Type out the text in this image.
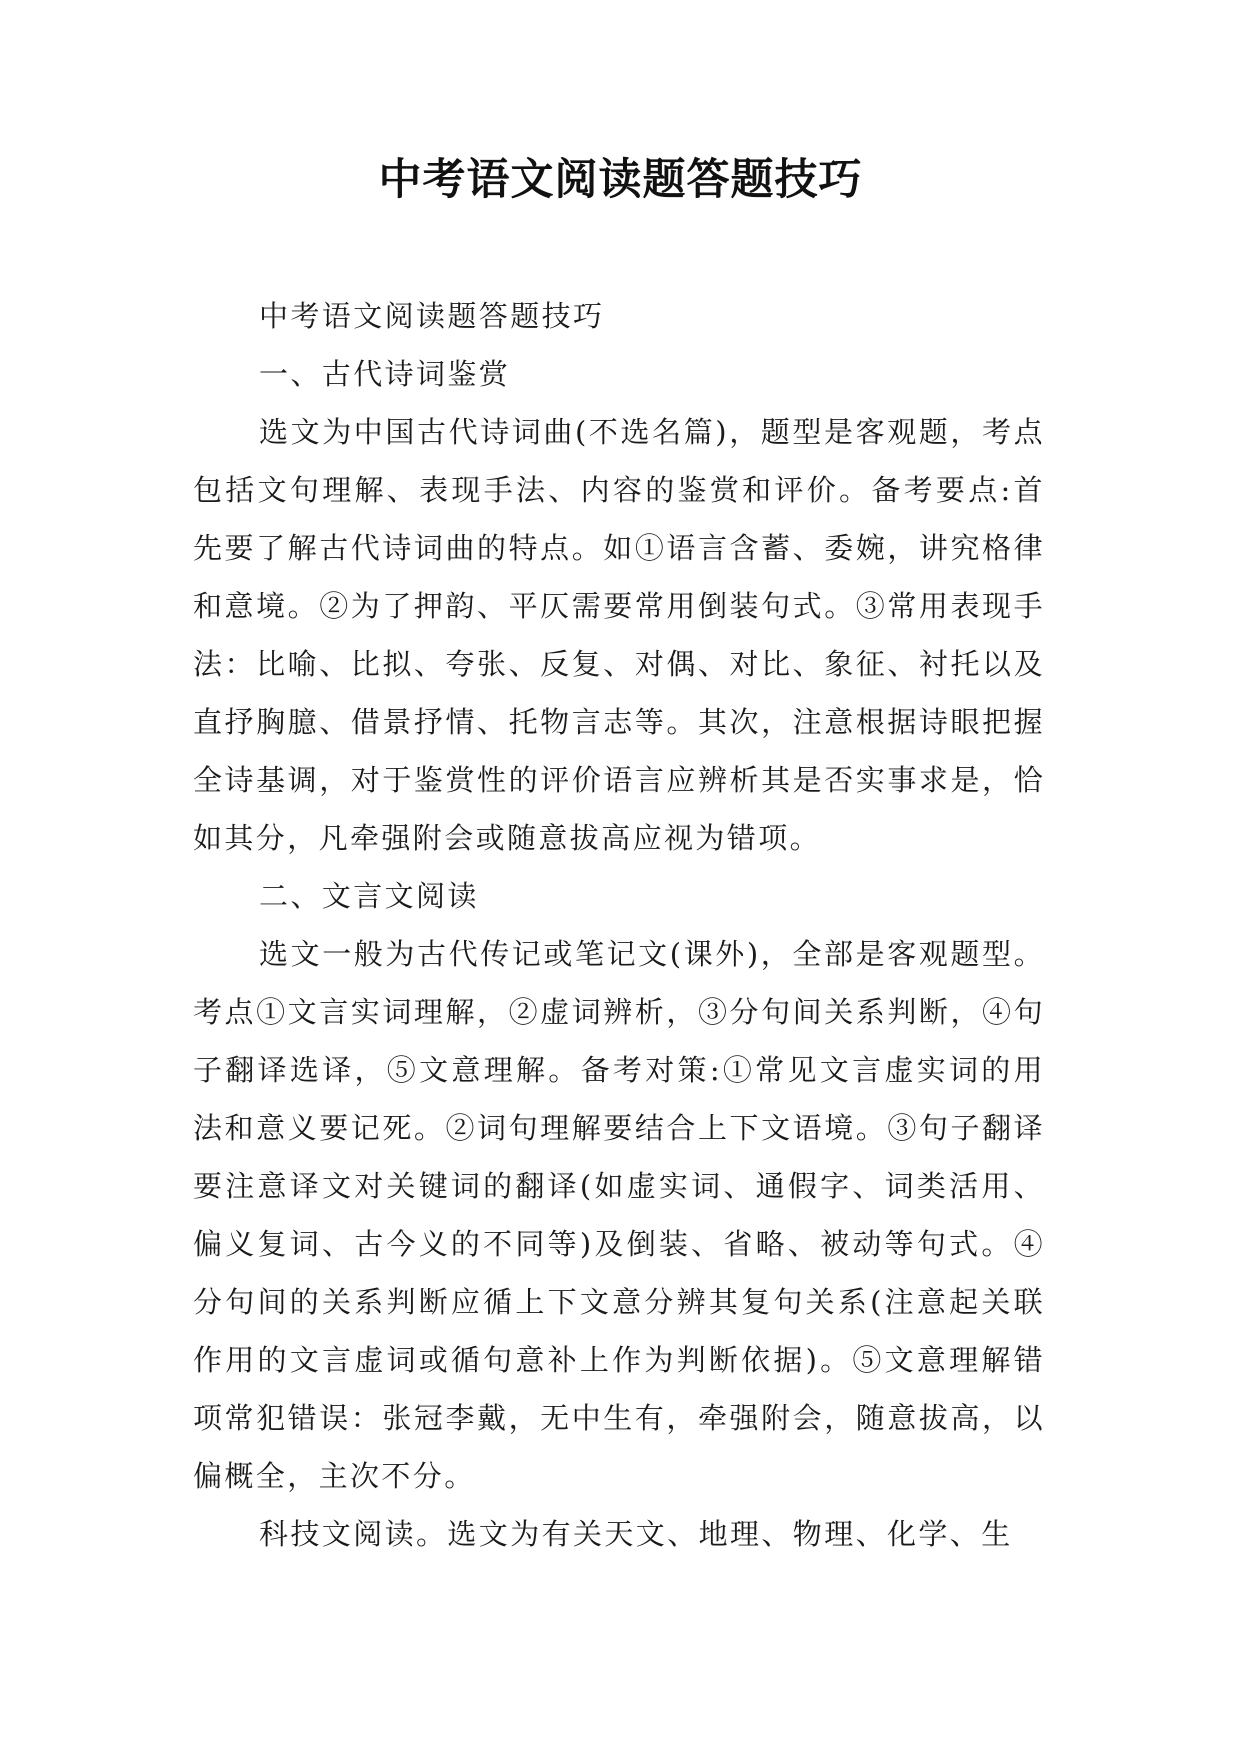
中考语文阅读题答题技巧

中考语文阅读题答题技巧

一、古代诗词鉴赏

选文为中国古代诗词曲(不选名篇)，题型是客观题，考点包括文句理解、表现手法、内容的鉴赏和评价。备考要点:首先要了解古代诗词曲的特点。如①语言含蓄、委婉，讲究格律和意境。②为了押韵、平仄需要常用倒装句式。③常用表现手法：比喻、比拟、夸张、反复、对偶、对比、象征、衬托以及直抒胸臆、借景抒情、托物言志等。其次，注意根据诗眼把握全诗基调，对于鉴赏性的评价语言应辨析其是否实事求是，恰如其分，凡牵强附会或随意拔高应视为错项。

二、文言文阅读

选文一般为古代传记或笔记文(课外)，全部是客观题型。考点①文言实词理解，②虚词辨析，③分句间关系判断，④句子翻译选译，⑤文意理解。备考对策:①常见文言虚实词的用法和意义要记死。②词句理解要结合上下文语境。③句子翻译要注意译文对关键词的翻译(如虚实词、通假字、词类活用、偏义复词、古今义的不同等)及倒装、省略、被动等句式。④分句间的关系判断应循上下文意分辨其复句关系(注意起关联作用的文言虚词或循句意补上作为判断依据)。⑤文意理解错项常犯错误：张冠李戴，无中生有，牵强附会，随意拔高，以偏概全，主次不分。

科技文阅读。选文为有关天文、地理、物理、化学、生
